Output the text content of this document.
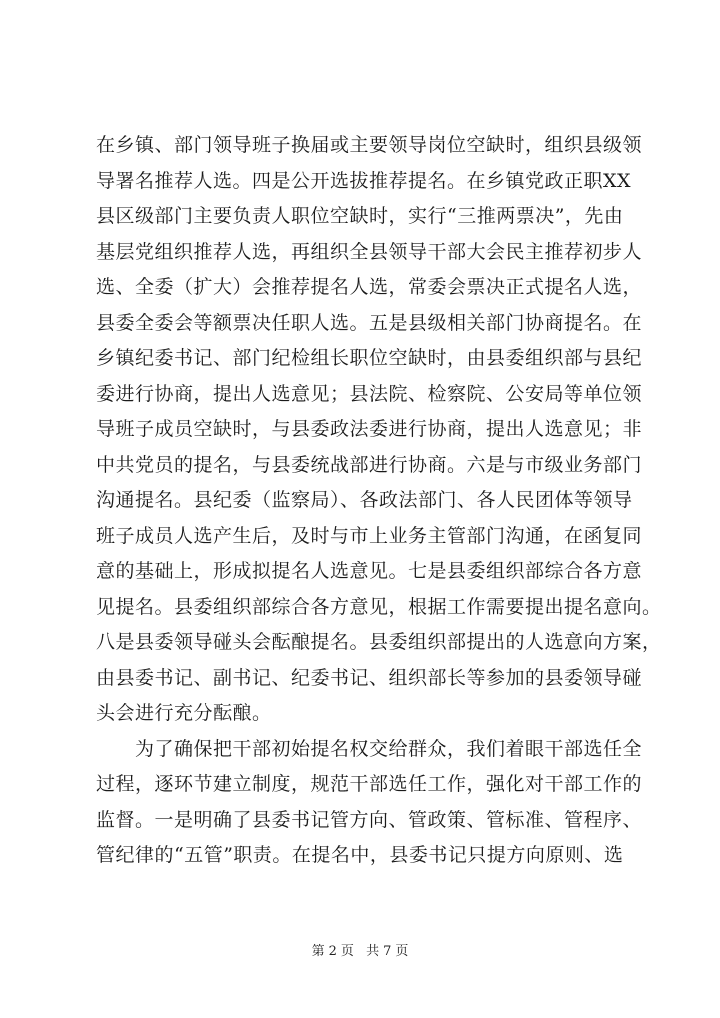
在乡镇、部门领导班子换届或主要领导岗位空缺时，组织县级领
导署名推荐人选。四是公开选拔推荐提名。在乡镇党政正职XX
县区级部门主要负责人职位空缺时，实行“三推两票决”，先由
基层党组织推荐人选，再组织全县领导干部大会民主推荐初步人
选、全委（扩大）会推荐提名人选，常委会票决正式提名人选，
县委全委会等额票决任职人选。五是县级相关部门协商提名。在
乡镇纪委书记、部门纪检组长职位空缺时，由县委组织部与县纪
委进行协商，提出人选意见；县法院、检察院、公安局等单位领
导班子成员空缺时，与县委政法委进行协商，提出人选意见；非
中共党员的提名，与县委统战部进行协商。六是与市级业务部门
沟通提名。县纪委（监察局）、各政法部门、各人民团体等领导
班子成员人选产生后，及时与市上业务主管部门沟通，在函复同
意的基础上，形成拟提名人选意见。七是县委组织部综合各方意
见提名。县委组织部综合各方意见，根据工作需要提出提名意向。
八是县委领导碰头会酝酿提名。县委组织部提出的人选意向方案，
由县委书记、副书记、纪委书记、组织部长等参加的县委领导碰
头会进行充分酝酿。

　　为了确保把干部初始提名权交给群众，我们着眼干部选任全
过程，逐环节建立制度，规范干部选任工作，强化对干部工作的
监督。一是明确了县委书记管方向、管政策、管标准、管程序、
管纪律的“五管”职责。在提名中，县委书记只提方向原则、选

第 2 页 共 7 页
